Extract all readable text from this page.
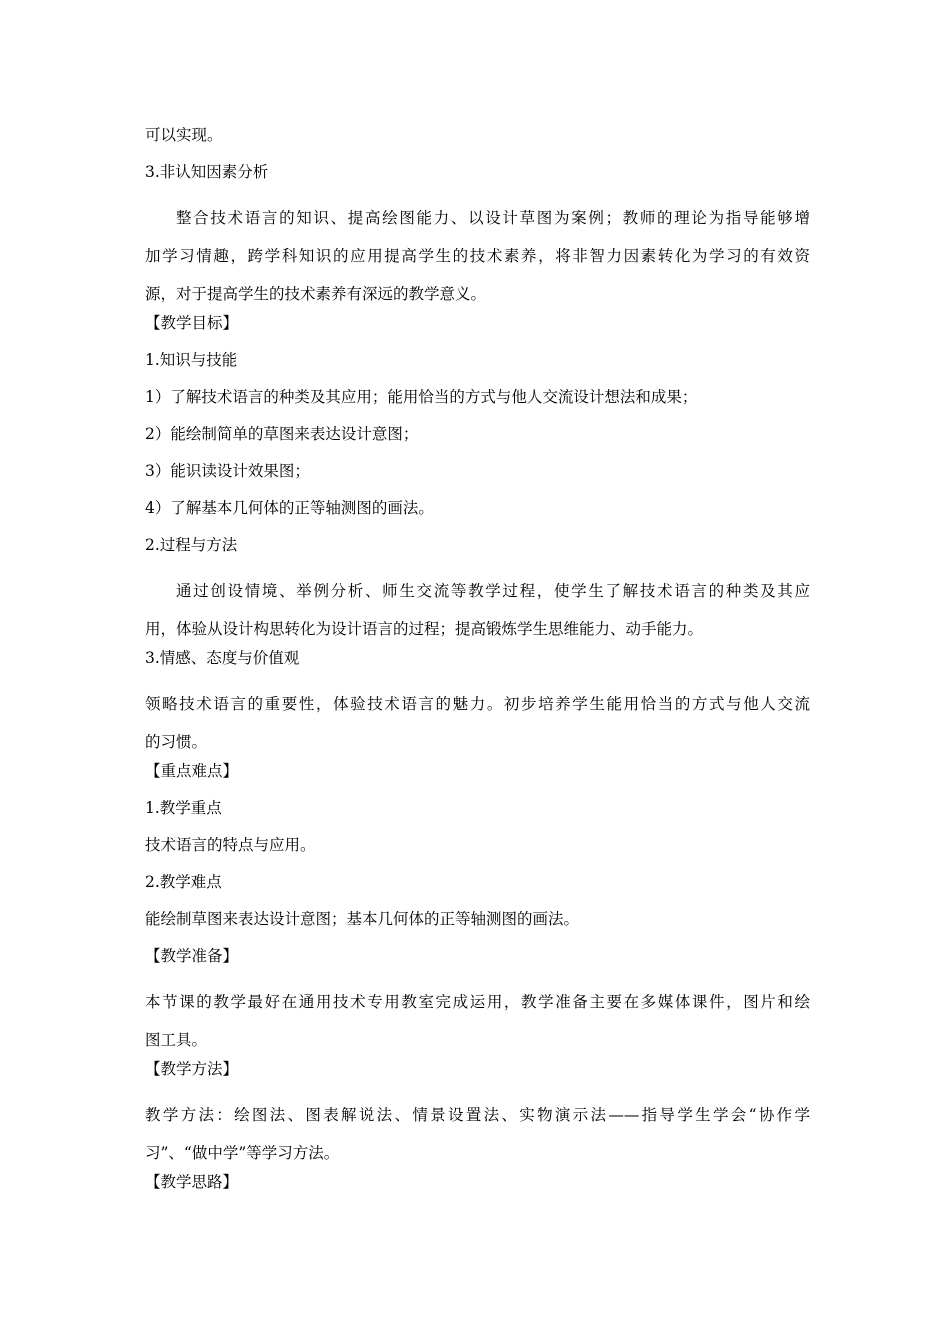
可以实现。

3.非认知因素分析

整合技术语言的知识、提高绘图能力、以设计草图为案例；教师的理论为指导能够增
加学习情趣，跨学科知识的应用提高学生的技术素养，将非智力因素转化为学习的有效资
源，对于提高学生的技术素养有深远的教学意义。

【教学目标】

1.知识与技能

1）了解技术语言的种类及其应用；能用恰当的方式与他人交流设计想法和成果；

2）能绘制简单的草图来表达设计意图；

3）能识读设计效果图；

4）了解基本几何体的正等轴测图的画法。

2.过程与方法

通过创设情境、举例分析、师生交流等教学过程，使学生了解技术语言的种类及其应
用，体验从设计构思转化为设计语言的过程；提高锻炼学生思维能力、动手能力。

3.情感、态度与价值观

领略技术语言的重要性，体验技术语言的魅力。初步培养学生能用恰当的方式与他人交流
的习惯。

【重点难点】

1.教学重点

技术语言的特点与应用。

2.教学难点

能绘制草图来表达设计意图；基本几何体的正等轴测图的画法。

【教学准备】

本节课的教学最好在通用技术专用教室完成运用，教学准备主要在多媒体课件，图片和绘
图工具。

【教学方法】

教学方法：绘图法、图表解说法、情景设置法、实物演示法——指导学生学会“协作学
习”、“做中学”等学习方法。

【教学思路】
